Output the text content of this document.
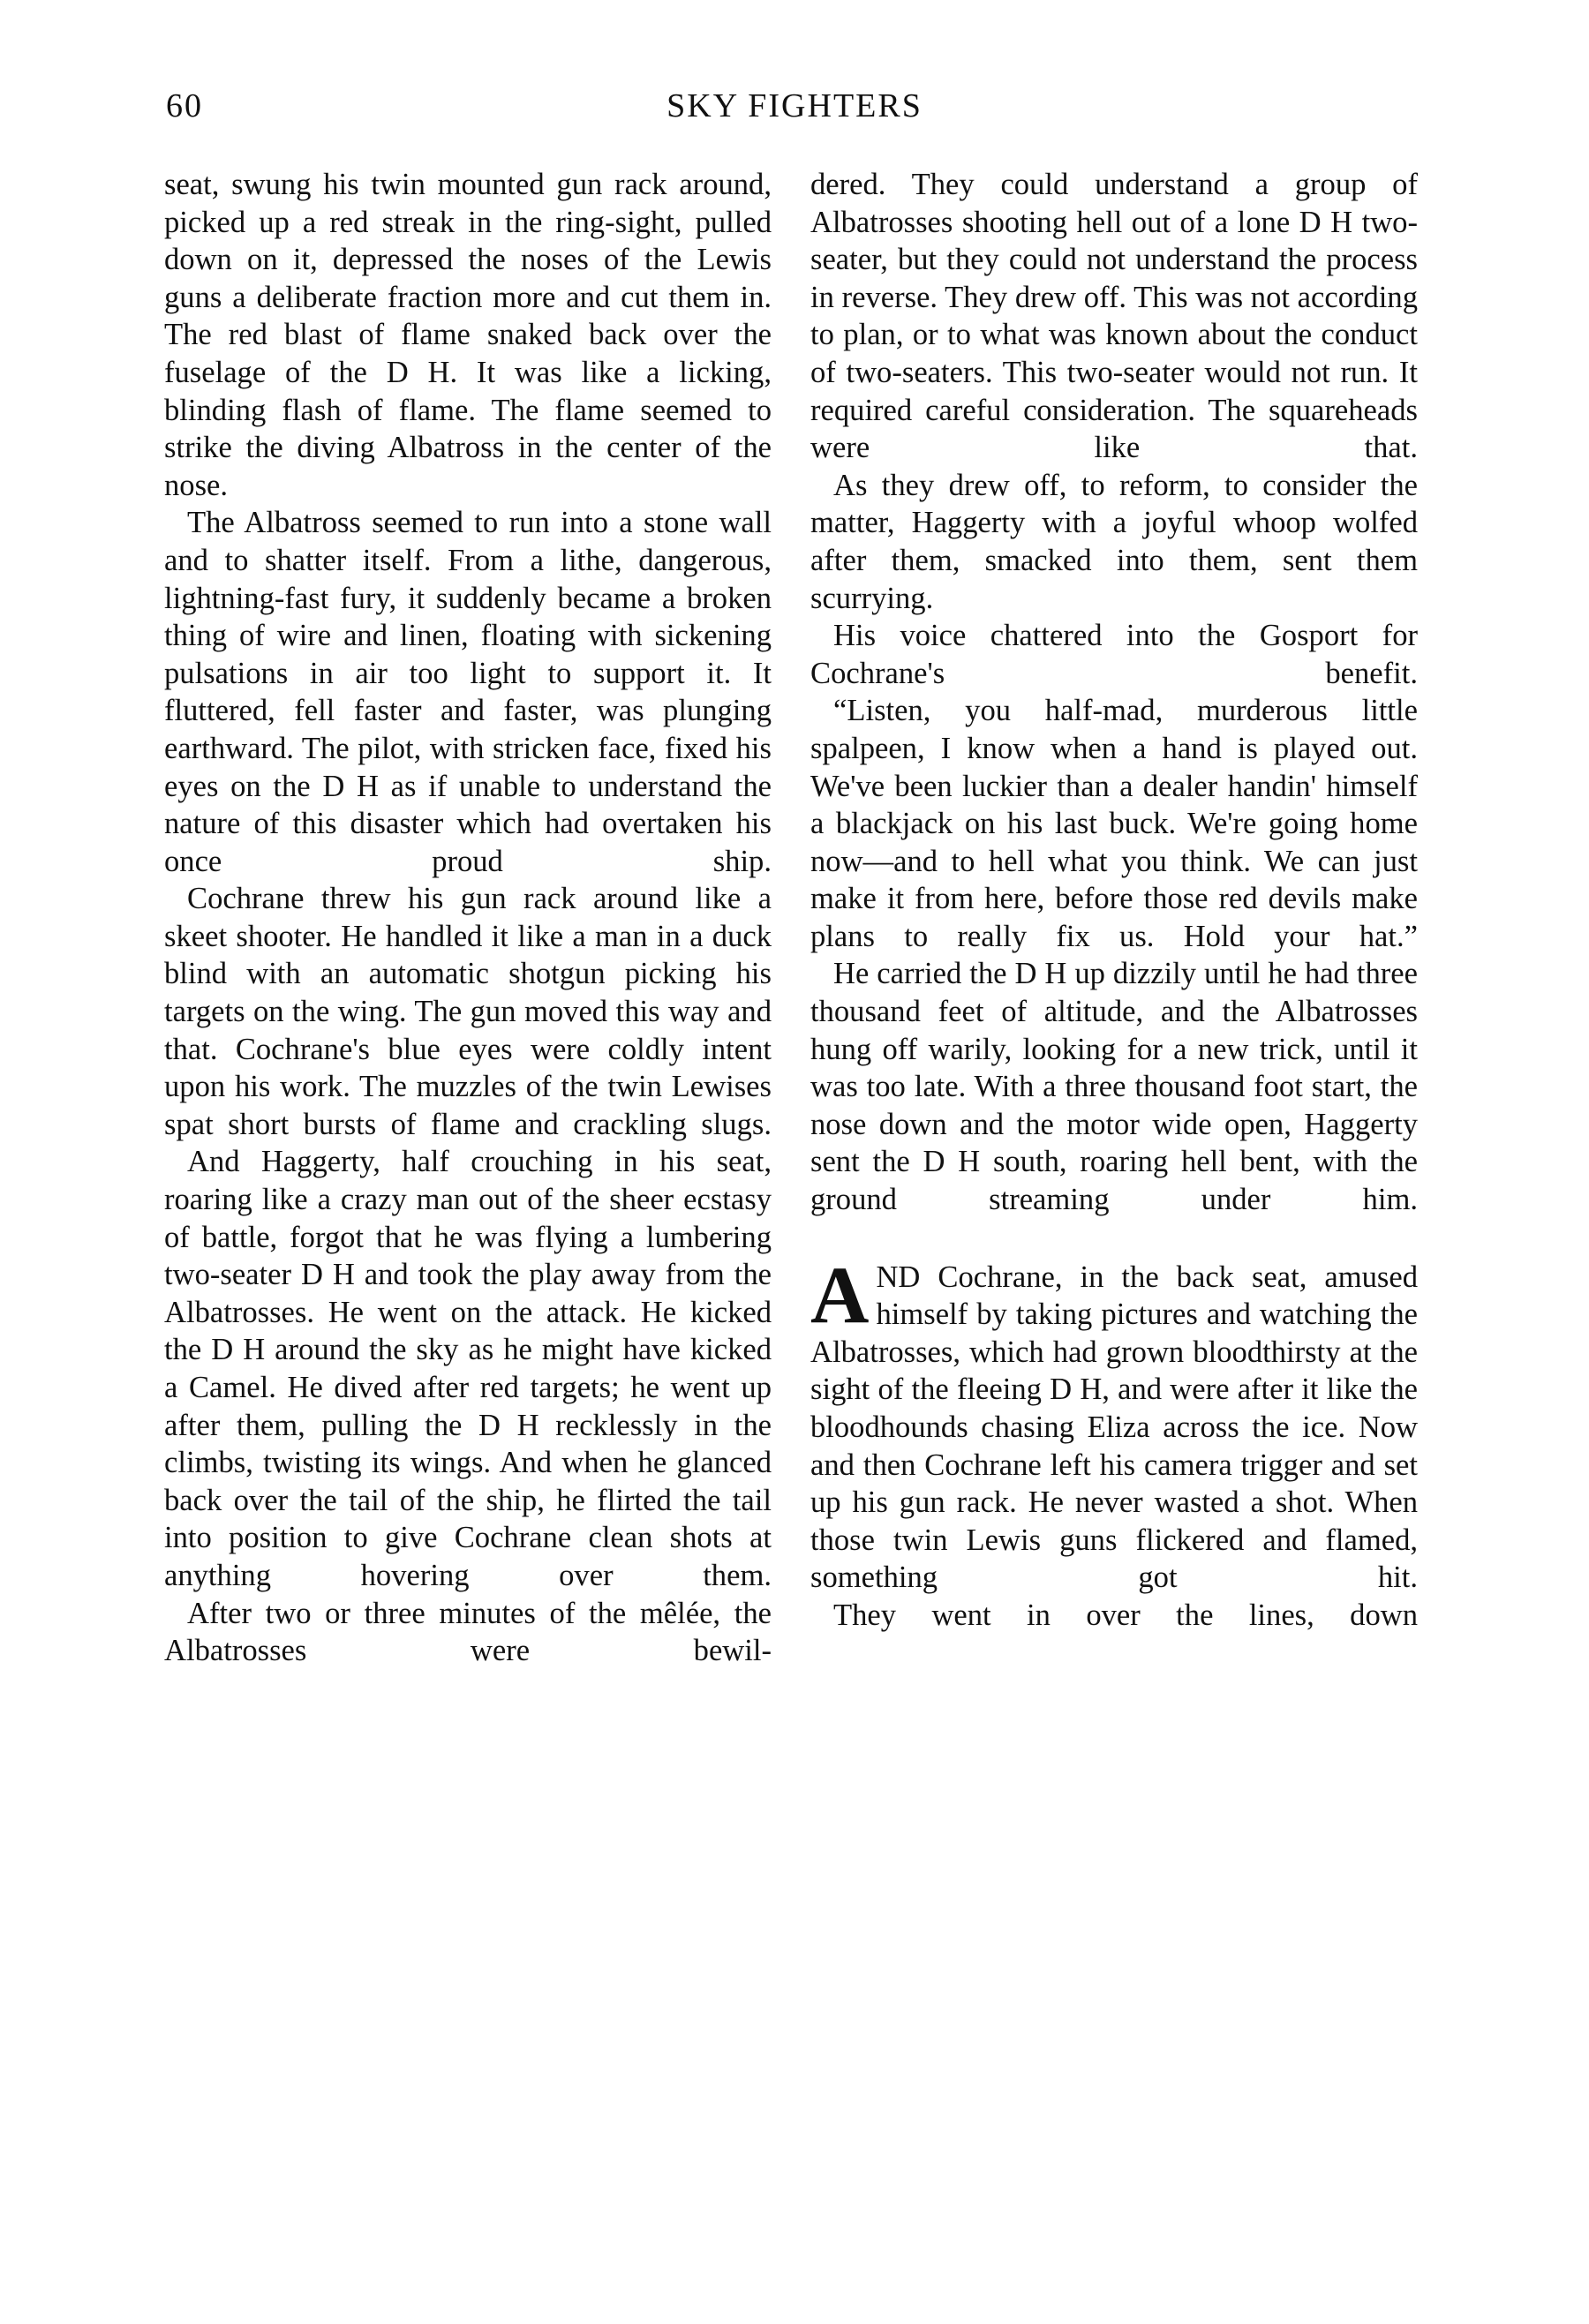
60	SKY FIGHTERS

seat, swung his twin mounted gun rack around, picked up a red streak in the ring-sight, pulled down on it, depressed the noses of the Lewis guns a deliberate fraction more and cut them in. The red blast of flame snaked back over the fuselage of the D H. It was like a licking, blinding flash of flame. The flame seemed to strike the diving Albatross in the center of the nose.

The Albatross seemed to run into a stone wall and to shatter itself. From a lithe, dangerous, lightning-fast fury, it suddenly became a broken thing of wire and linen, floating with sickening pulsations in air too light to support it. It fluttered, fell faster and faster, was plunging earthward. The pilot, with stricken face, fixed his eyes on the D H as if unable to understand the nature of this disaster which had overtaken his once proud ship.

Cochrane threw his gun rack around like a skeet shooter. He handled it like a man in a duck blind with an automatic shotgun picking his targets on the wing. The gun moved this way and that. Cochrane's blue eyes were coldly intent upon his work. The muzzles of the twin Lewises spat short bursts of flame and crackling slugs.

And Haggerty, half crouching in his seat, roaring like a crazy man out of the sheer ecstasy of battle, forgot that he was flying a lumbering two-seater D H and took the play away from the Albatrosses. He went on the attack. He kicked the D H around the sky as he might have kicked a Camel. He dived after red targets; he went up after them, pulling the D H recklessly in the climbs, twisting its wings. And when he glanced back over the tail of the ship, he flirted the tail into position to give Cochrane clean shots at anything hovering over them.

After two or three minutes of the mêlée, the Albatrosses were bewil-

dered. They could understand a group of Albatrosses shooting hell out of a lone D H two-seater, but they could not understand the process in reverse. They drew off. This was not according to plan, or to what was known about the conduct of two-seaters. This two-seater would not run. It required careful consideration. The squareheads were like that.

As they drew off, to reform, to consider the matter, Haggerty with a joyful whoop wolfed after them, smacked into them, sent them scurrying.

His voice chattered into the Gosport for Cochrane's benefit.

“Listen, you half-mad, murderous little spalpeen, I know when a hand is played out. We've been luckier than a dealer handin' himself a blackjack on his last buck. We're going home now—and to hell what you think. We can just make it from here, before those red devils make plans to really fix us. Hold your hat.”

He carried the D H up dizzily until he had three thousand feet of altitude, and the Albatrosses hung off warily, looking for a new trick, until it was too late. With a three thousand foot start, the nose down and the motor wide open, Haggerty sent the D H south, roaring hell bent, with the ground streaming under him.

AND Cochrane, in the back seat, amused himself by taking pictures and watching the Albatrosses, which had grown bloodthirsty at the sight of the fleeing D H, and were after it like the bloodhounds chasing Eliza across the ice. Now and then Cochrane left his camera trigger and set up his gun rack. He never wasted a shot. When those twin Lewis guns flickered and flamed, something got hit.

They went in over the lines, down
